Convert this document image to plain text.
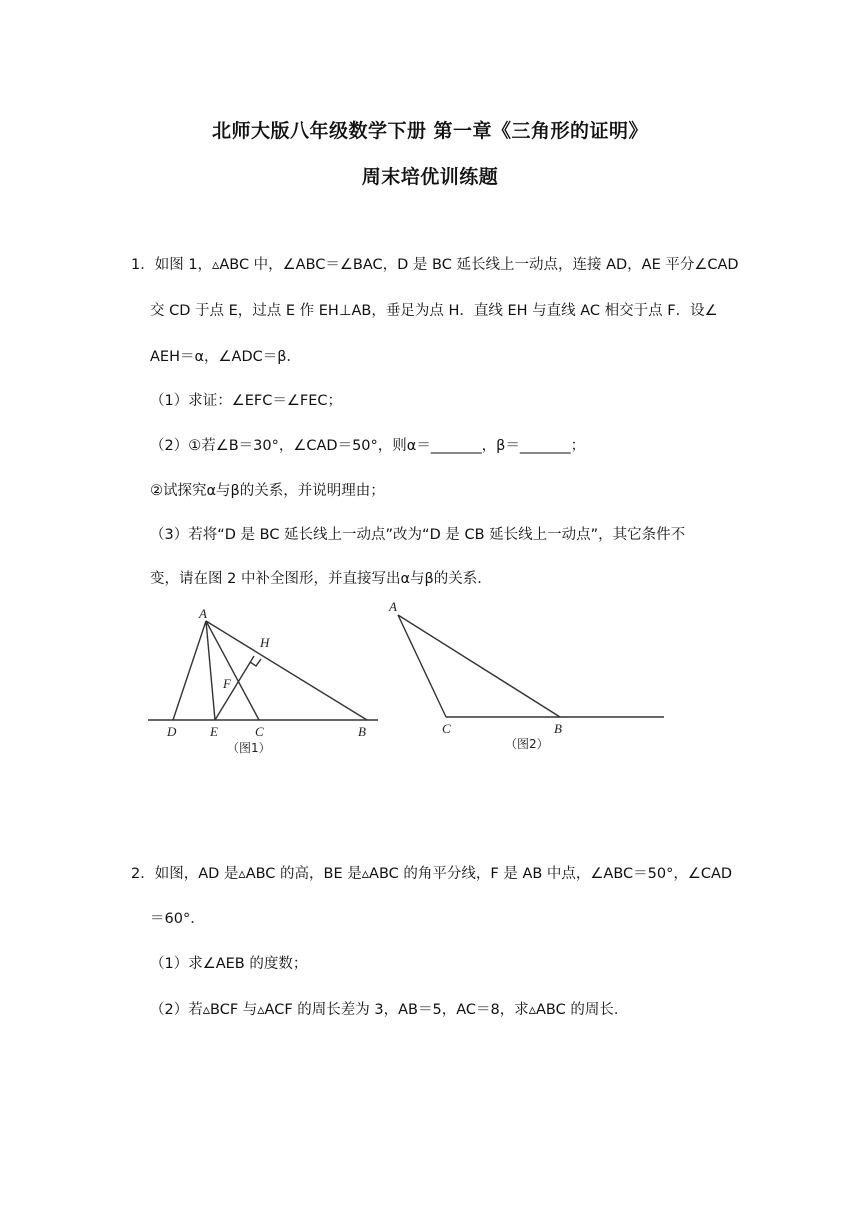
北师大版八年级数学下册 第一章《三角形的证明》
周末培优训练题
1．如图 1，▵ABC 中，∠ABC＝∠BAC，D 是 BC 延长线上一动点，连接 AD，AE 平分∠CAD
交 CD 于点 E，过点 E 作 EH⊥AB，垂足为点 H．直线 EH 与直线 AC 相交于点 F．设∠
AEH＝α，∠ADC＝β．
（1）求证：∠EFC＝∠FEC；
（2）①若∠B＝30°，∠CAD＝50°，则α＝_______，β＝_______；
②试探究α与β的关系，并说明理由；
（3）若将“D 是 BC 延长线上一动点”改为“D 是 CB 延长线上一动点”，其它条件不
变，请在图 2 中补全图形，并直接写出α与β的关系．
A
H
F
D	E	C	B
（图1）
A
C	B
（图2）
2．如图，AD 是▵ABC 的高，BE 是▵ABC 的角平分线，F 是 AB 中点，∠ABC＝50°，∠CAD
＝60°．
（1）求∠AEB 的度数；
（2）若▵BCF 与▵ACF 的周长差为 3，AB＝5，AC＝8，求▵ABC 的周长．
